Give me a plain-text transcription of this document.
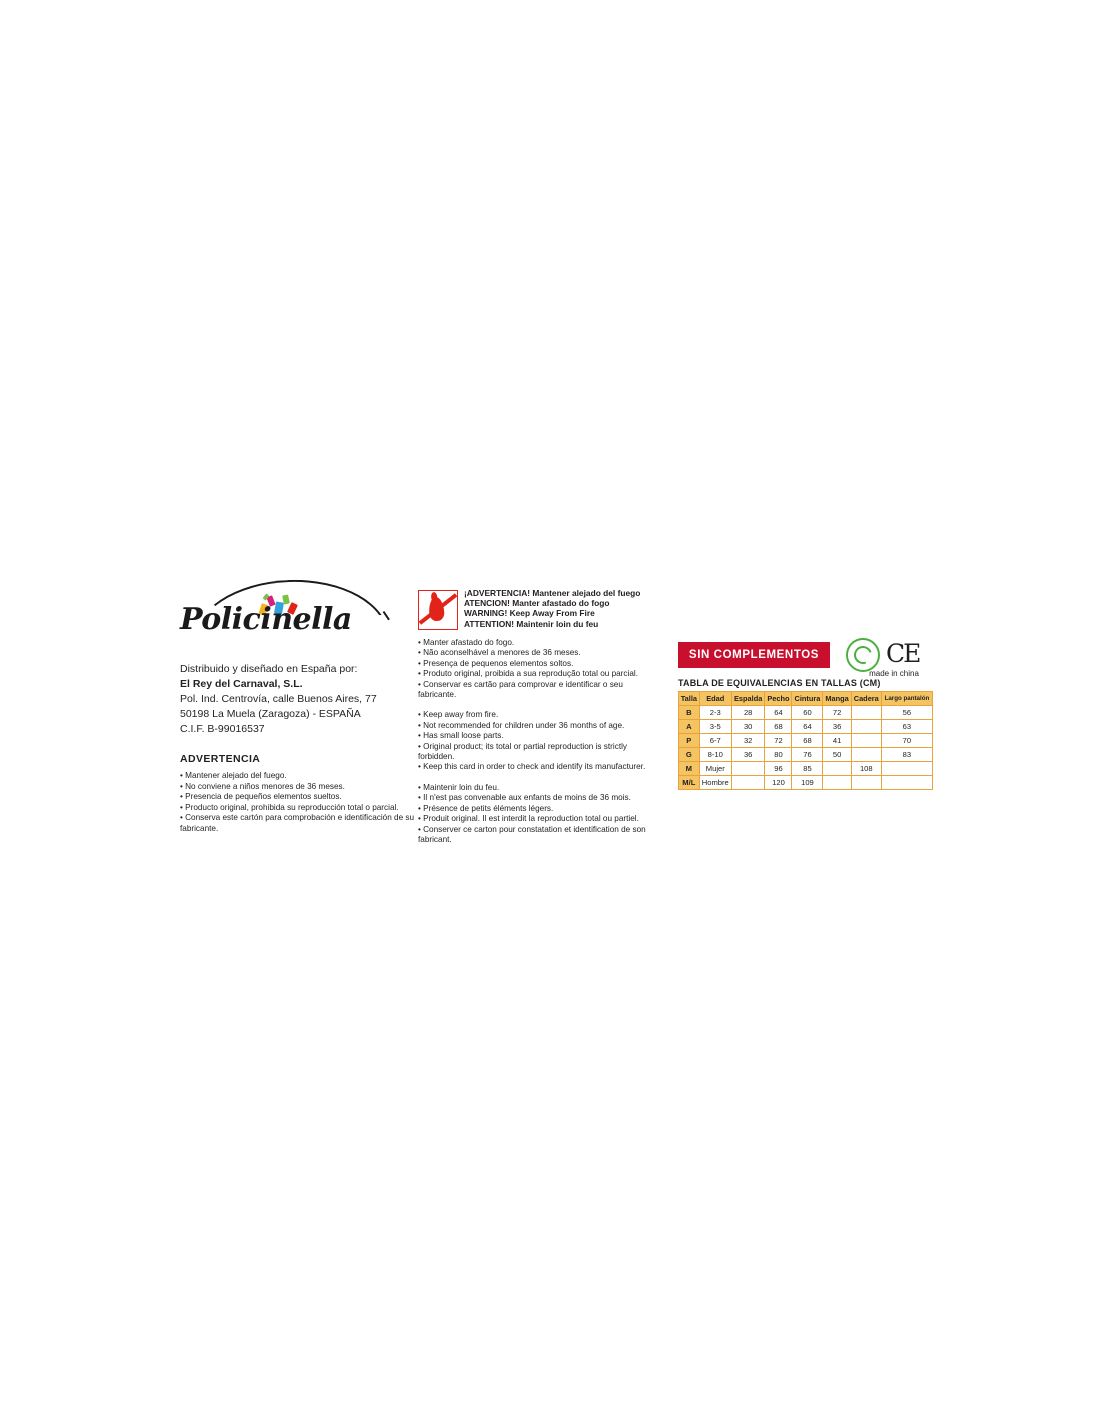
Policinella
Distribuido y diseñado en España por:
El Rey del Carnaval, S.L.
Pol. Ind. Centrovía, calle Buenos Aires, 77
50198 La Muela (Zaragoza) - ESPAÑA
C.I.F. B-99016537
ADVERTENCIA
• Mantener alejado del fuego.
• No conviene a niños menores de 36 meses.
• Presencia de pequeños elementos sueltos.
• Producto original, prohibida su reproducción total o parcial.
• Conserva este cartón para comprobación e identificación de su fabricante.
¡ADVERTENCIA! Mantener alejado del fuego
ATENCION! Manter afastado do fogo
WARNING! Keep Away From Fire
ATTENTION! Maintenir loin du feu

• Manter afastado do fogo.
• Não aconselhável a menores de 36 meses.
• Presença de pequenos elementos soltos.
• Produto original, proibida a sua reprodução total ou parcial.
• Conservar es cartão para comprovar e identificar o seu fabricante.

• Keep away from fire.
• Not recommended for children under 36 months of age.
• Has small loose parts.
• Original product; its total or partial reproduction is strictly forbidden.
• Keep this card in order to check and identify its manufacturer.

• Maintenir loin du feu.
• Il n'est pas convenable aux enfants de moins de 36 mois.
• Présence de petits éléments légers.
• Produit original. Il est interdit la reproduction total ou partiel.
• Conserver ce carton pour constatation et identification de son fabricant.

SIN COMPLEMENTOS	CE
made in china
TABLA DE EQUIVALENCIAS EN TALLAS (CM)
Talla	Edad	Espalda	Pecho	Cintura	Manga	Cadera	Largo pantalón
B	2-3	28	64	60	72		56
A	3-5	30	68	64	36		63
P	6-7	32	72	68	41		70
G	8-10	36	80	76	50		83
M	Mujer		96	85		108	
M/L	Hombre		120	109			
